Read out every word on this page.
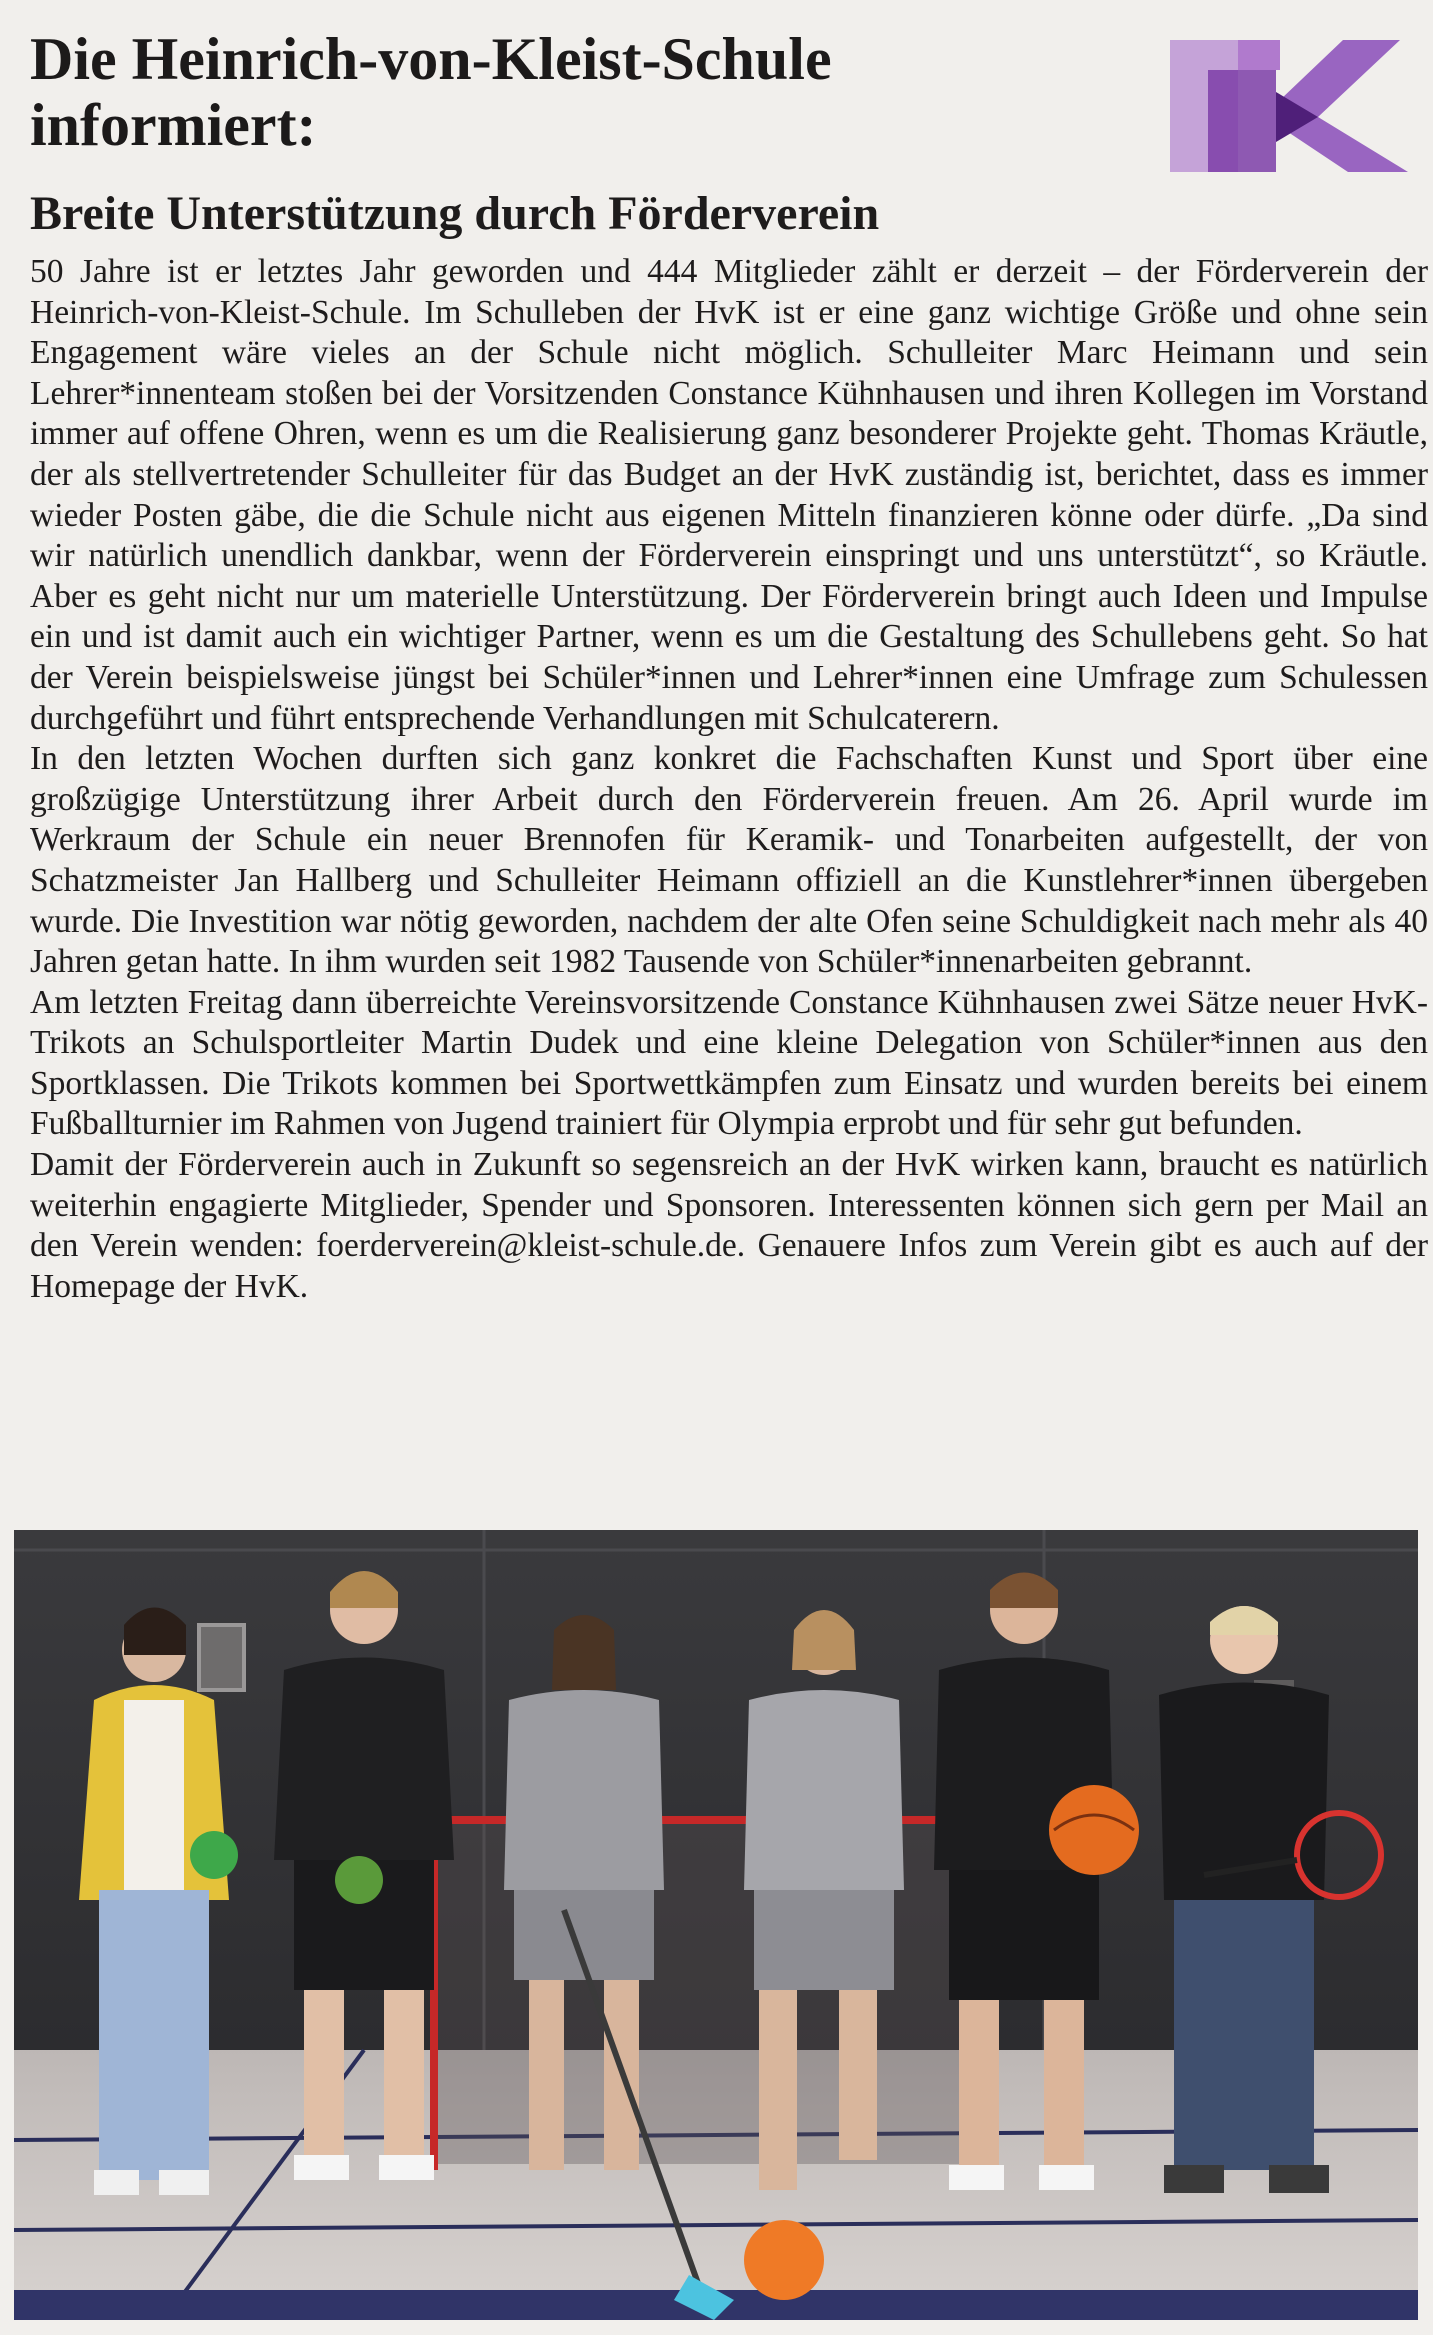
Die Heinrich-von-Kleist-Schule
informiert:
Breite Unterstützung durch Förderverein

50 Jahre ist er letztes Jahr geworden und 444 Mitglieder zählt er derzeit – der Förderverein der Heinrich-von-Kleist-Schule. Im Schulleben der HvK ist er eine ganz wichtige Größe und ohne sein Engagement wäre vieles an der Schule nicht möglich. Schulleiter Marc Heimann und sein Lehrer*innenteam stoßen bei der Vorsitzenden Constance Kühnhausen und ihren Kollegen im Vorstand immer auf offene Ohren, wenn es um die Realisierung ganz besonderer Projekte geht. Thomas Kräutle, der als stellvertretender Schulleiter für das Budget an der HvK zuständig ist, berichtet, dass es immer wieder Posten gäbe, die die Schule nicht aus eigenen Mitteln finanzieren könne oder dürfe. „Da sind wir natürlich unendlich dankbar, wenn der Förderverein einspringt und uns unterstützt“, so Kräutle. Aber es geht nicht nur um materielle Unterstützung. Der Förderverein bringt auch Ideen und Impulse ein und ist damit auch ein wichtiger Partner, wenn es um die Gestaltung des Schullebens geht. So hat der Verein beispielsweise jüngst bei Schüler*innen und Lehrer*innen eine Umfrage zum Schulessen durchgeführt und führt entsprechende Verhandlungen mit Schulcaterern.

In den letzten Wochen durften sich ganz konkret die Fachschaften Kunst und Sport über eine großzügige Unterstützung ihrer Arbeit durch den Förderverein freuen. Am 26. April wurde im Werkraum der Schule ein neuer Brennofen für Keramik- und Tonarbeiten aufgestellt, der von Schatzmeister Jan Hallberg und Schulleiter Heimann offiziell an die Kunstlehrer*innen übergeben wurde. Die Investition war nötig geworden, nachdem der alte Ofen seine Schuldigkeit nach mehr als 40 Jahren getan hatte. In ihm wurden seit 1982 Tausende von Schüler*innenarbeiten gebrannt.

Am letzten Freitag dann überreichte Vereinsvorsitzende Constance Kühnhausen zwei Sätze neuer HvK-Trikots an Schulsportleiter Martin Dudek und eine kleine Delegation von Schüler*innen aus den Sportklassen. Die Trikots kommen bei Sportwettkämpfen zum Einsatz und wurden bereits bei einem Fußballturnier im Rahmen von Jugend trainiert für Olympia erprobt und für sehr gut befunden.

Damit der Förderverein auch in Zukunft so segensreich an der HvK wirken kann, braucht es natürlich weiterhin engagierte Mitglieder, Spender und Sponsoren. Interessenten können sich gern per Mail an den Verein wenden: foerderverein@kleist-schule.de. Genauere Infos zum Verein gibt es auch auf der Homepage der HvK.
